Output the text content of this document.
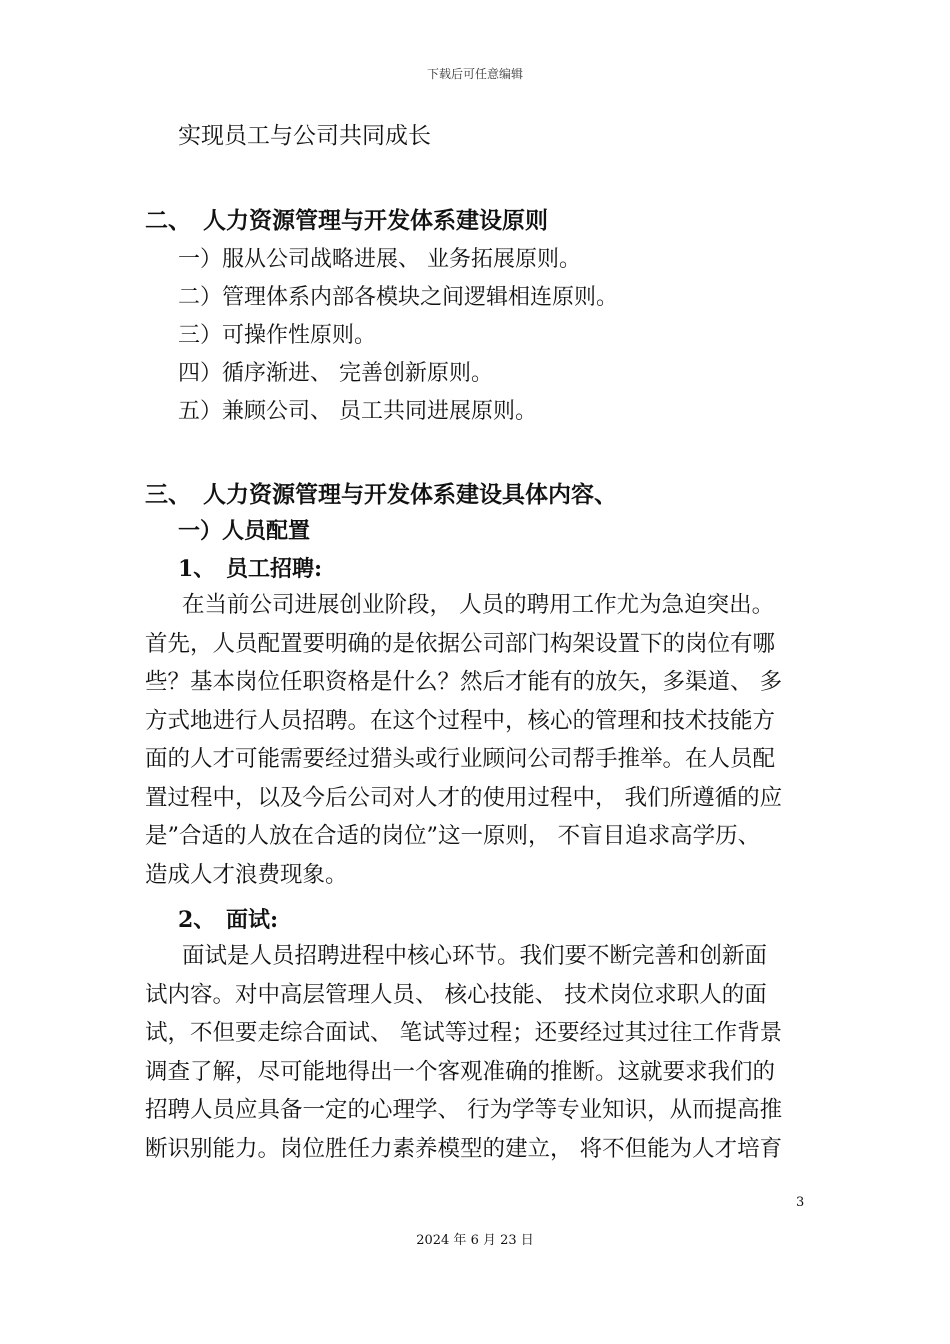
下载后可任意编辑
实现员工与公司共同成长
二、 人力资源管理与开发体系建设原则
一）服从公司战略进展、 业务拓展原则。
二）管理体系内部各模块之间逻辑相连原则。
三）可操作性原则。
四）循序渐进、 完善创新原则。
五）兼顾公司、 员工共同进展原则。
三、 人力资源管理与开发体系建设具体内容、
一）人员配置
1、 员工招聘:
在当前公司进展创业阶段， 人员的聘用工作尤为急迫突出。
首先，人员配置要明确的是依据公司部门构架设置下的岗位有哪
些？基本岗位任职资格是什么？然后才能有的放矢，多渠道、 多
方式地进行人员招聘。在这个过程中，核心的管理和技术技能方
面的人才可能需要经过猎头或行业顾问公司帮手推举。在人员配
置过程中，以及今后公司对人才的使用过程中， 我们所遵循的应
是”合适的人放在合适的岗位”这一原则， 不盲目追求高学历、
造成人才浪费现象。
2、 面试:
面试是人员招聘进程中核心环节。我们要不断完善和创新面
试内容。对中高层管理人员、 核心技能、 技术岗位求职人的面
试，不但要走综合面试、 笔试等过程；还要经过其过往工作背景
调查了解，尽可能地得出一个客观准确的推断。这就要求我们的
招聘人员应具备一定的心理学、 行为学等专业知识，从而提高推
断识别能力。岗位胜任力素养模型的建立， 将不但能为人才培育
3
2024 年 6 月 23 日
